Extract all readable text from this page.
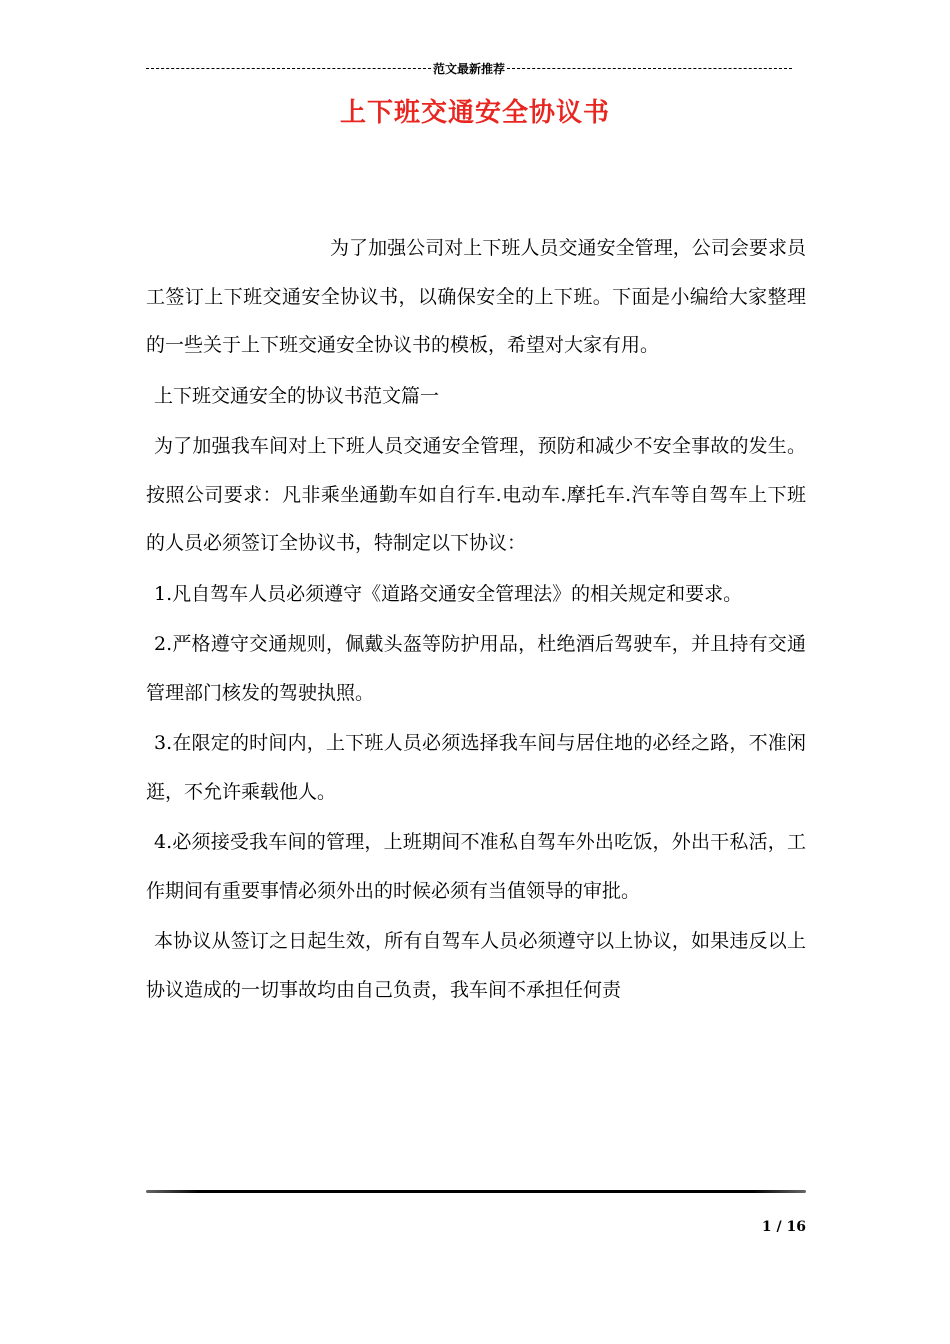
范文最新推荐
上下班交通安全协议书

为了加强公司对上下班人员交通安全管理，公司会要求员工签订上下班交通安全协议书，以确保安全的上下班。下面是小编给大家整理的一些关于上下班交通安全协议书的模板，希望对大家有用。

上下班交通安全的协议书范文篇一

为了加强我车间对上下班人员交通安全管理，预防和减少不安全事故的发生。按照公司要求：凡非乘坐通勤车如自行车.电动车.摩托车.汽车等自驾车上下班的人员必须签订全协议书，特制定以下协议：

1.凡自驾车人员必须遵守《道路交通安全管理法》的相关规定和要求。

2.严格遵守交通规则，佩戴头盔等防护用品，杜绝酒后驾驶车，并且持有交通管理部门核发的驾驶执照。

3.在限定的时间内，上下班人员必须选择我车间与居住地的必经之路，不准闲逛，不允许乘载他人。

4.必须接受我车间的管理，上班期间不准私自驾车外出吃饭，外出干私活，工作期间有重要事情必须外出的时候必须有当值领导的审批。

本协议从签订之日起生效，所有自驾车人员必须遵守以上协议，如果违反以上协议造成的一切事故均由自己负责，我车间不承担任何责

1 / 16
